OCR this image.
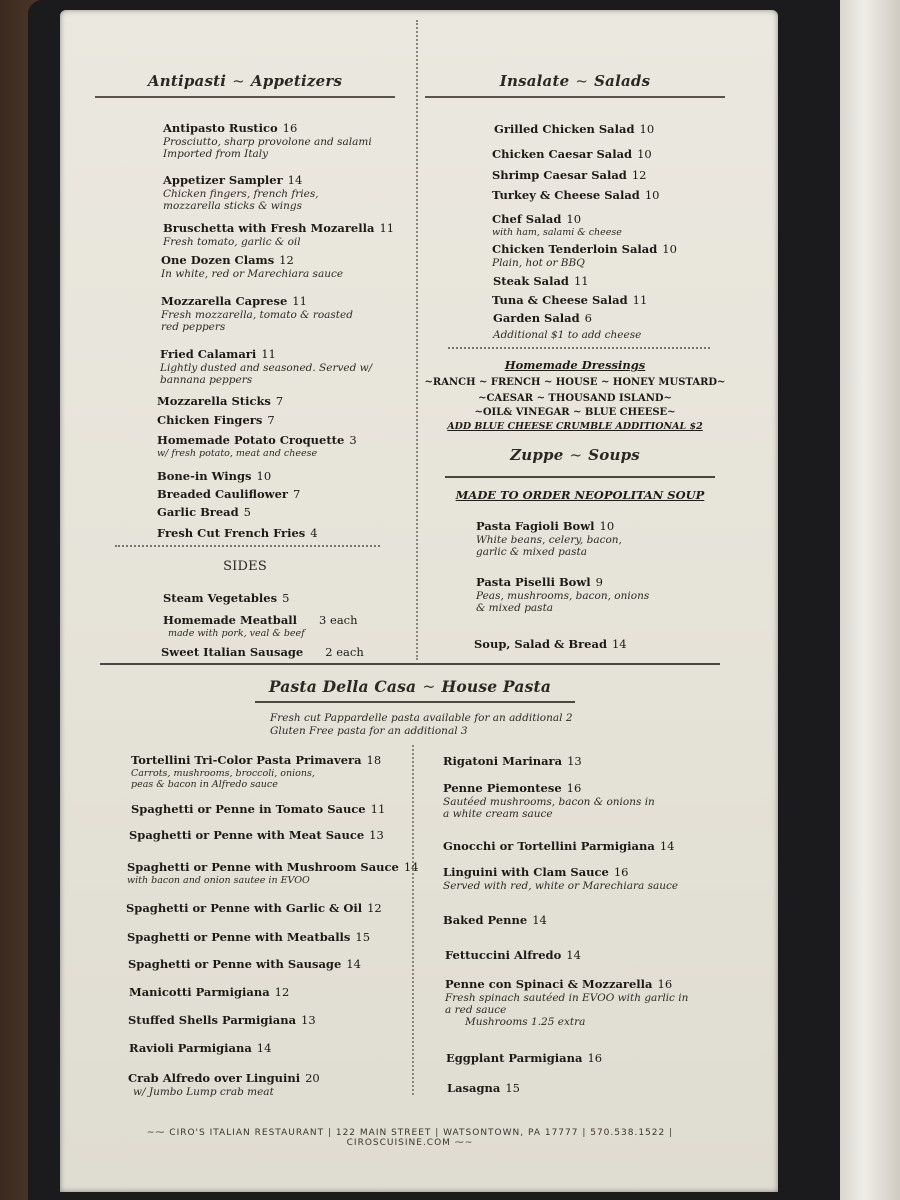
Antipasti ~ Appetizers
Antipasto Rustico 16
Prosciutto, sharp provolone and salami
Imported from Italy
Appetizer Sampler 14
Chicken fingers, french fries,
mozzarella sticks & wings
Bruschetta with Fresh Mozarella 11
Fresh tomato, garlic & oil
One Dozen Clams 12
In white, red or Marechiara sauce
Mozzarella Caprese 11
Fresh mozzarella, tomato & roasted
red peppers
Fried Calamari 11
Lightly dusted and seasoned. Served w/
bannana peppers
Mozzarella Sticks 7
Chicken Fingers 7
Homemade Potato Croquette 3
w/ fresh potato, meat and cheese
Bone-in Wings 10
Breaded Cauliflower 7
Garlic Bread 5
Fresh Cut French Fries 4
SIDES
Steam Vegetables 5
Homemade Meatball 3 each
made with pork, veal & beef
Sweet Italian Sausage 2 each
Insalate ~ Salads
Grilled Chicken Salad 10
Chicken Caesar Salad 10
Shrimp Caesar Salad 12
Turkey & Cheese Salad 10
Chef Salad 10
with ham, salami & cheese
Chicken Tenderloin Salad 10
Plain, hot or BBQ
Steak Salad 11
Tuna & Cheese Salad 11
Garden Salad 6
Additional $1 to add cheese
Homemade Dressings
~RANCH ~ FRENCH ~ HOUSE ~ HONEY MUSTARD~
~CAESAR ~ THOUSAND ISLAND~
~OIL& VINEGAR ~ BLUE CHEESE~
ADD BLUE CHEESE CRUMBLE ADDITIONAL $2
Zuppe ~ Soups
MADE TO ORDER NEOPOLITAN SOUP
Pasta Fagioli Bowl 10
White beans, celery, bacon,
garlic & mixed pasta
Pasta Piselli Bowl 9
Peas, mushrooms, bacon, onions
& mixed pasta
Soup, Salad & Bread 14
Pasta Della Casa ~ House Pasta
Fresh cut Pappardelle pasta available for an additional 2
Gluten Free pasta for an additional 3
Tortellini Tri-Color Pasta Primavera 18
Carrots, mushrooms, broccoli, onions,
peas & bacon in Alfredo sauce
Spaghetti or Penne in Tomato Sauce 11
Spaghetti or Penne with Meat Sauce 13
Spaghetti or Penne with Mushroom Sauce 14
with bacon and onion sautee in EVOO
Spaghetti or Penne with Garlic & Oil 12
Spaghetti or Penne with Meatballs 15
Spaghetti or Penne with Sausage 14
Manicotti Parmigiana 12
Stuffed Shells Parmigiana 13
Ravioli Parmigiana 14
Crab Alfredo over Linguini 20
w/ Jumbo Lump crab meat
Rigatoni Marinara 13
Penne Piemontese 16
Sautéed mushrooms, bacon & onions in
a white cream sauce
Gnocchi or Tortellini Parmigiana 14
Linguini with Clam Sauce 16
Served with red, white or Marechiara sauce
Baked Penne 14
Fettuccini Alfredo 14
Penne con Spinaci & Mozzarella 16
Fresh spinach sautéed in EVOO with garlic in
a red sauce
Mushrooms 1.25 extra
Eggplant Parmigiana 16
Lasagna 15
~⁓ CIRO'S ITALIAN RESTAURANT | 122 MAIN STREET | WATSONTOWN, PA 17777 | 570.538.1522 | CIROSCUISINE.COM ⁓~
